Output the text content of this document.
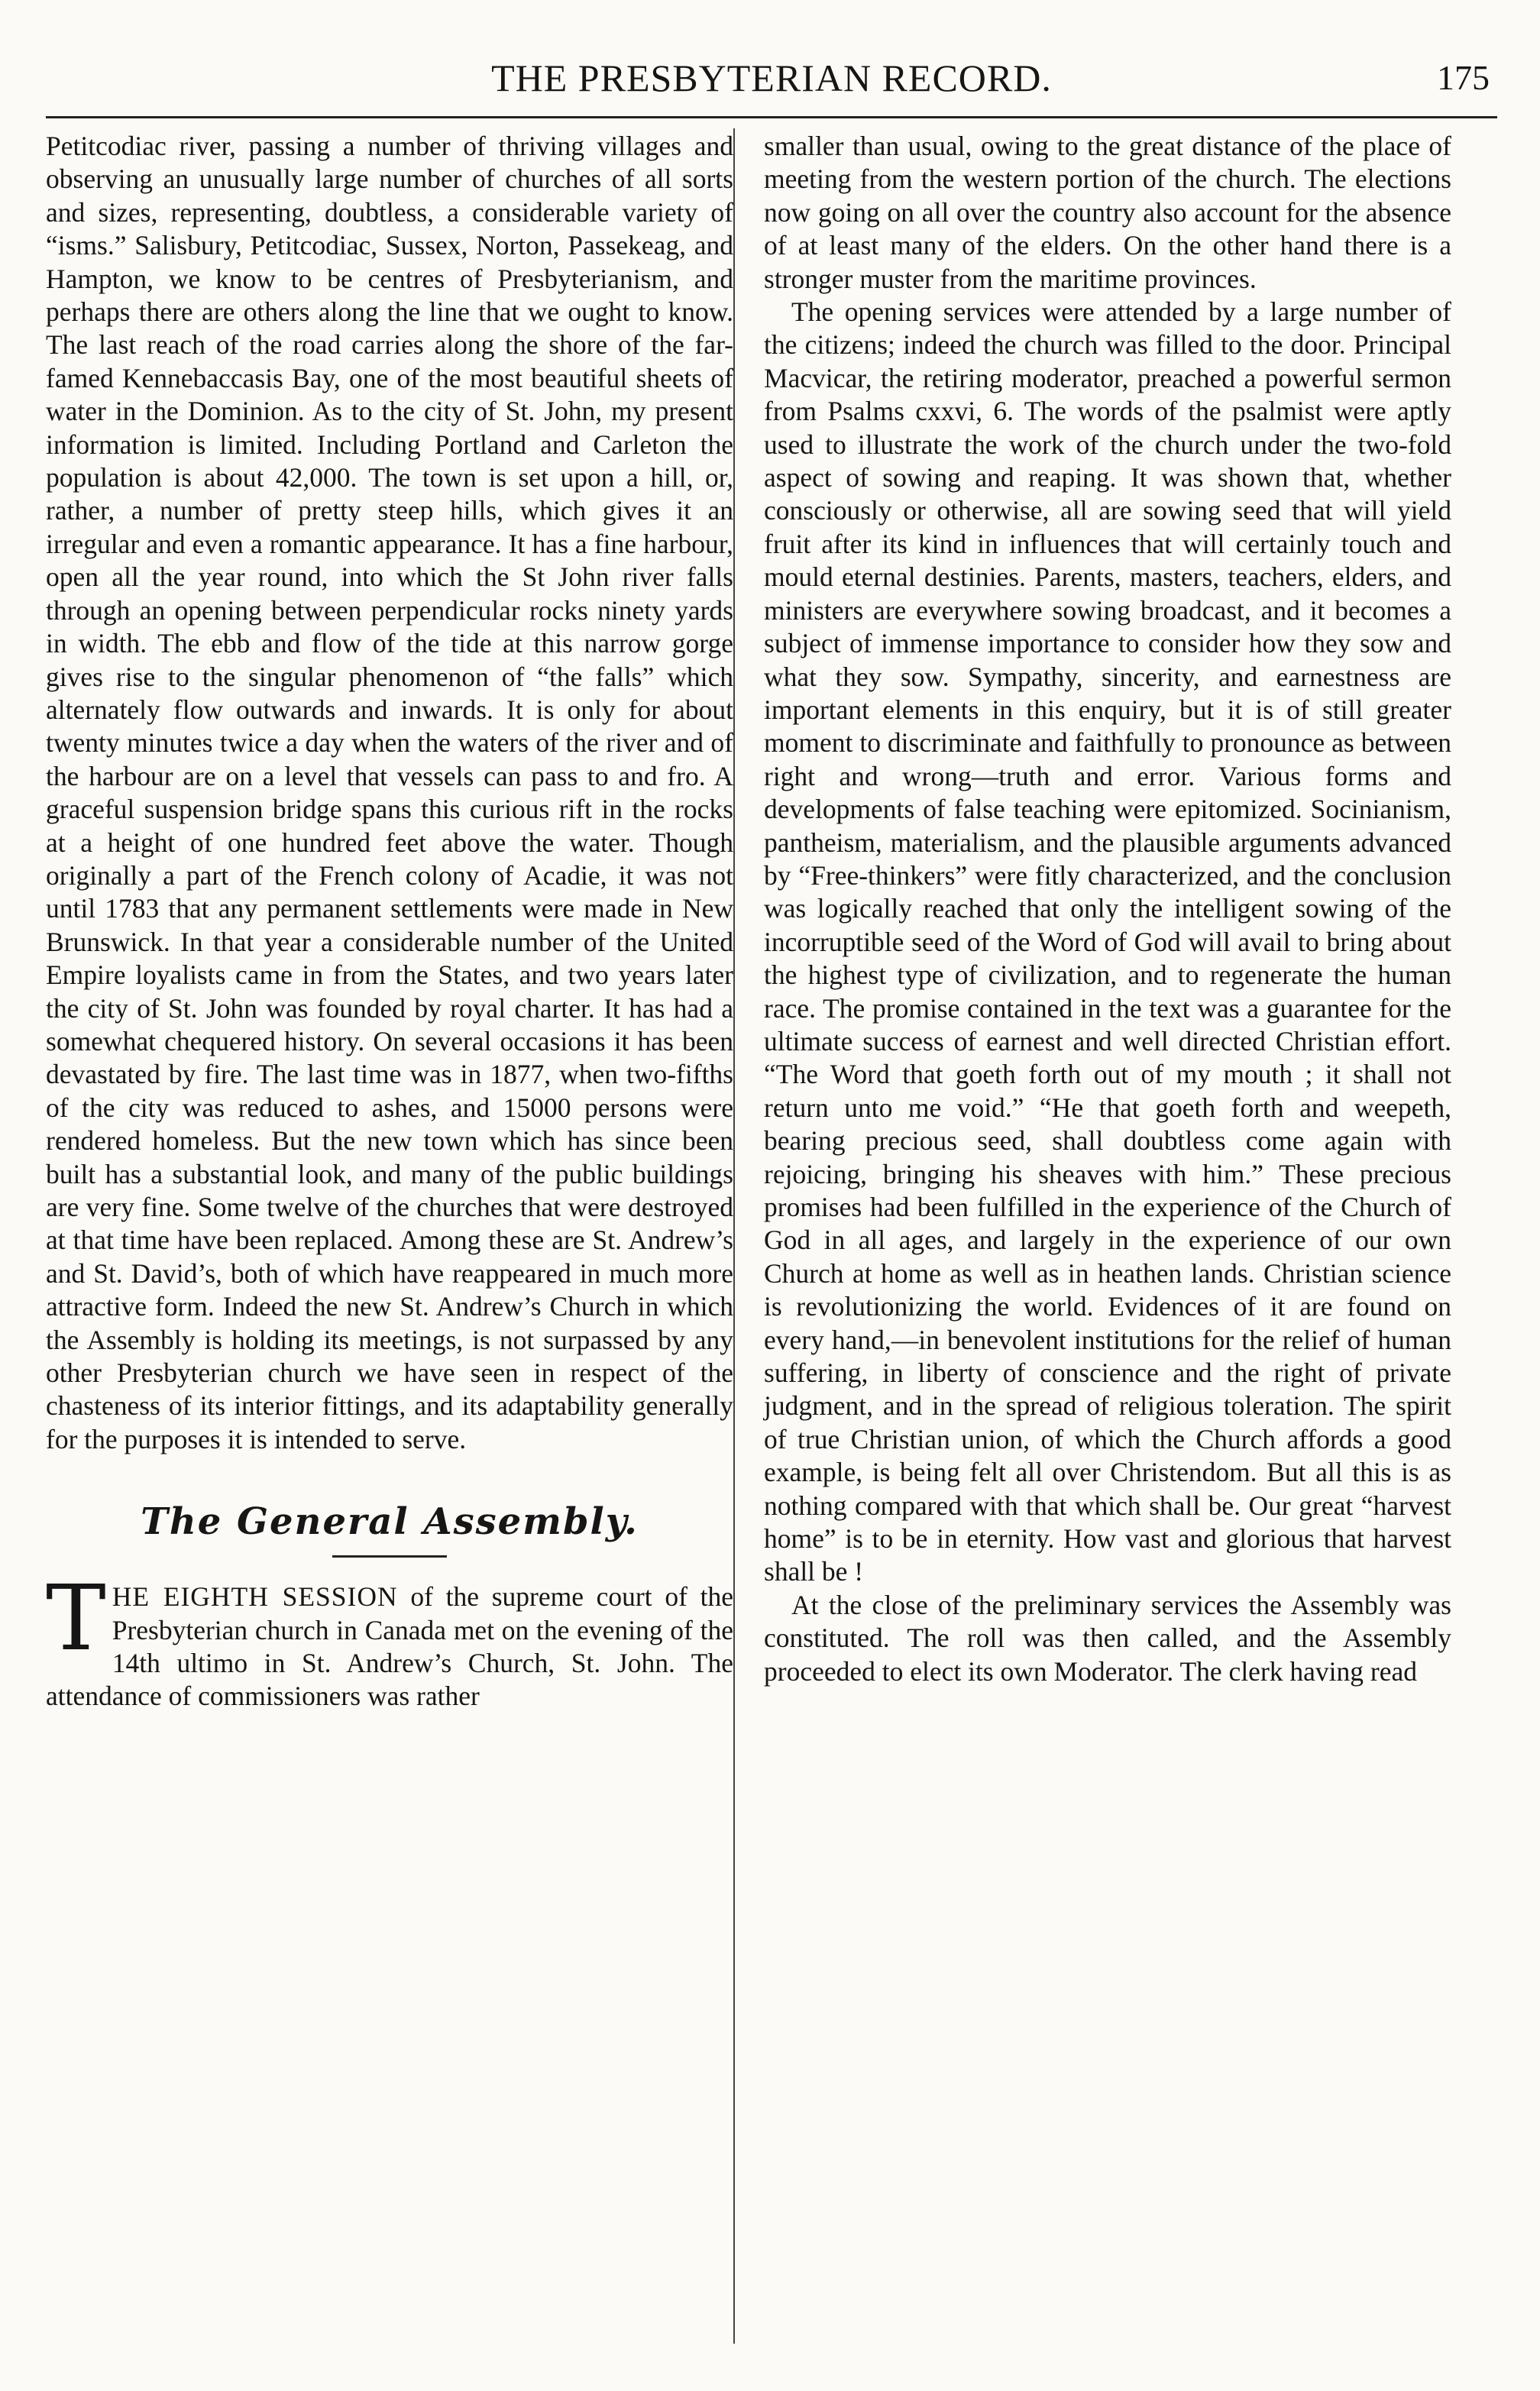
THE PRESBYTERIAN RECORD.	175

Petitcodiac river, passing a number of thriving villages and observing an unusually large number of churches of all sorts and sizes, representing, doubtless, a considerable variety of “isms.” Salisbury, Petitcodiac, Sussex, Norton, Passekeag, and Hampton, we know to be centres of Presbyterianism, and perhaps there are others along the line that we ought to know. The last reach of the road carries along the shore of the far-famed Kennebaccasis Bay, one of the most beautiful sheets of water in the Dominion. As to the city of St. John, my present information is limited. Including Portland and Carleton the population is about 42,000. The town is set upon a hill, or, rather, a number of pretty steep hills, which gives it an irregular and even a romantic appearance. It has a fine harbour, open all the year round, into which the St John river falls through an opening between perpendicular rocks ninety yards in width. The ebb and flow of the tide at this narrow gorge gives rise to the singular phenomenon of “the falls” which alternately flow outwards and inwards. It is only for about twenty minutes twice a day when the waters of the river and of the harbour are on a level that vessels can pass to and fro. A graceful suspension bridge spans this curious rift in the rocks at a height of one hundred feet above the water. Though originally a part of the French colony of Acadie, it was not until 1783 that any permanent settlements were made in New Brunswick. In that year a considerable number of the United Empire loyalists came in from the States, and two years later the city of St. John was founded by royal charter. It has had a somewhat chequered history. On several occasions it has been devastated by fire. The last time was in 1877, when two-fifths of the city was reduced to ashes, and 15000 persons were rendered homeless. But the new town which has since been built has a substantial look, and many of the public buildings are very fine. Some twelve of the churches that were destroyed at that time have been replaced. Among these are St. Andrew’s and St. David’s, both of which have reappeared in much more attractive form. Indeed the new St. Andrew’s Church in which the Assembly is holding its meetings, is not surpassed by any other Presbyterian church we have seen in respect of the chasteness of its interior fittings, and its adaptability generally for the purposes it is intended to serve.

The General Assembly.

THE EIGHTH SESSION of the supreme court of the Presbyterian church in Canada met on the evening of the 14th ultimo in St. Andrew’s Church, St. John. The attendance of commissioners was rather

smaller than usual, owing to the great distance of the place of meeting from the western portion of the church. The elections now going on all over the country also account for the absence of at least many of the elders. On the other hand there is a stronger muster from the maritime provinces.

The opening services were attended by a large number of the citizens; indeed the church was filled to the door. Principal Macvicar, the retiring moderator, preached a powerful sermon from Psalms cxxvi, 6. The words of the psalmist were aptly used to illustrate the work of the church under the two-fold aspect of sowing and reaping. It was shown that, whether consciously or otherwise, all are sowing seed that will yield fruit after its kind in influences that will certainly touch and mould eternal destinies. Parents, masters, teachers, elders, and ministers are everywhere sowing broadcast, and it becomes a subject of immense importance to consider how they sow and what they sow. Sympathy, sincerity, and earnestness are important elements in this enquiry, but it is of still greater moment to discriminate and faithfully to pronounce as between right and wrong—truth and error. Various forms and developments of false teaching were epitomized. Socinianism, pantheism, materialism, and the plausible arguments advanced by “Free-thinkers” were fitly characterized, and the conclusion was logically reached that only the intelligent sowing of the incorruptible seed of the Word of God will avail to bring about the highest type of civilization, and to regenerate the human race. The promise contained in the text was a guarantee for the ultimate success of earnest and well directed Christian effort. “The Word that goeth forth out of my mouth ; it shall not return unto me void.” “He that goeth forth and weepeth, bearing precious seed, shall doubtless come again with rejoicing, bringing his sheaves with him.” These precious promises had been fulfilled in the experience of the Church of God in all ages, and largely in the experience of our own Church at home as well as in heathen lands. Christian science is revolutionizing the world. Evidences of it are found on every hand,—in benevolent institutions for the relief of human suffering, in liberty of conscience and the right of private judgment, and in the spread of religious toleration. The spirit of true Christian union, of which the Church affords a good example, is being felt all over Christendom. But all this is as nothing compared with that which shall be. Our great “harvest home” is to be in eternity. How vast and glorious that harvest shall be !

At the close of the preliminary services the Assembly was constituted. The roll was then called, and the Assembly proceeded to elect its own Moderator. The clerk having read
